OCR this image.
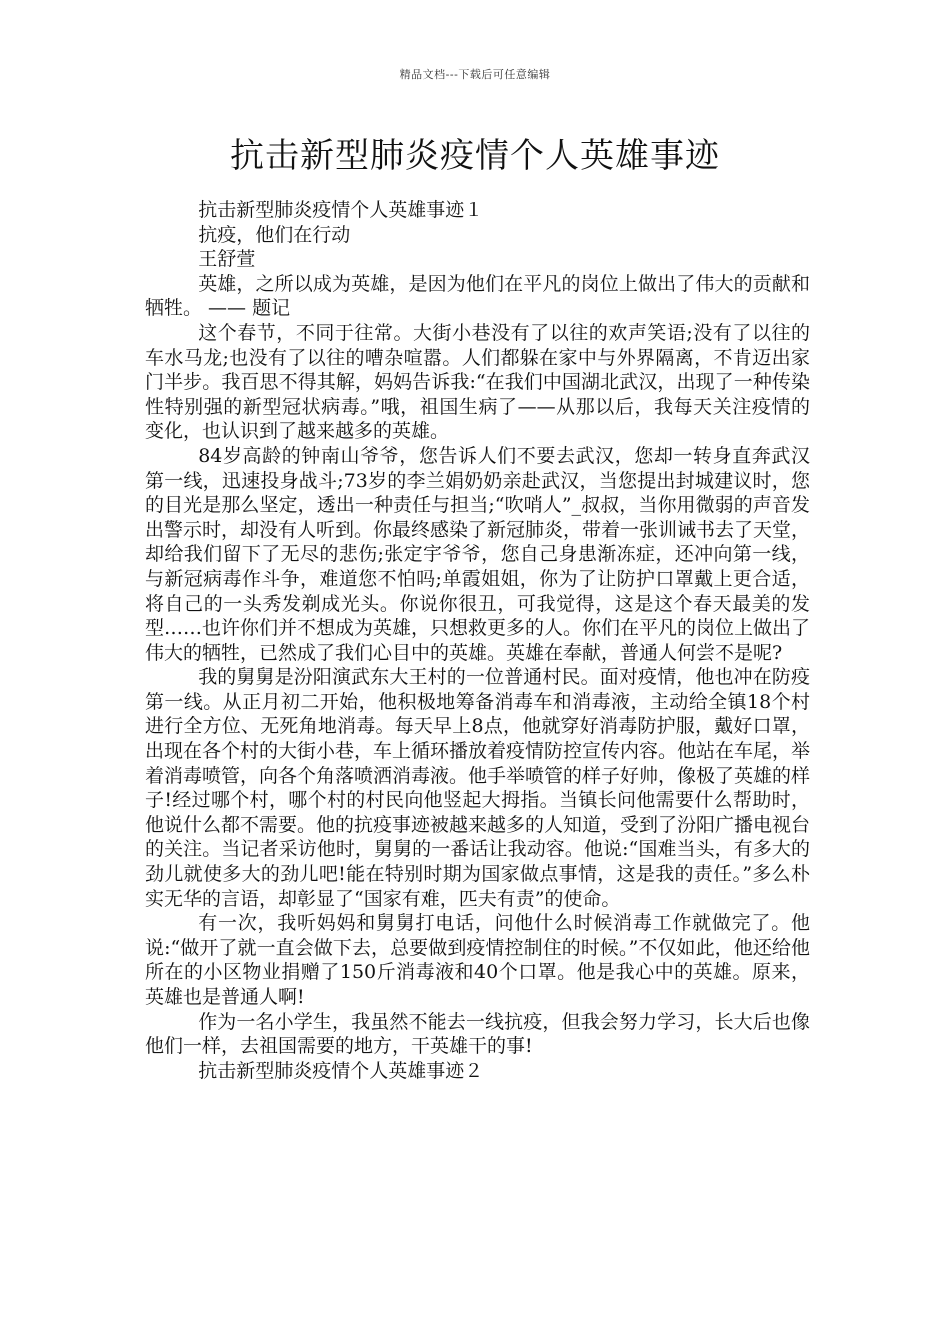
精品文档---下载后可任意编辑
抗击新型肺炎疫情个人英雄事迹

抗击新型肺炎疫情个人英雄事迹１

抗疫，他们在行动

王舒萱

英雄，之所以成为英雄，是因为他们在平凡的岗位上做出了伟大的贡献和牺牲。 —— 题记

这个春节，不同于往常。大街小巷没有了以往的欢声笑语;没有了以往的车水马龙;也没有了以往的嘈杂喧嚣。人们都躲在家中与外界隔离，不肯迈出家门半步。我百思不得其解，妈妈告诉我:“在我们中国湖北武汉，出现了一种传染性特别强的新型冠状病毒。”哦，祖国生病了——从那以后，我每天关注疫情的变化，也认识到了越来越多的英雄。

84岁高龄的钟南山爷爷，您告诉人们不要去武汉，您却一转身直奔武汉第一线，迅速投身战斗;73岁的李兰娟奶奶亲赴武汉，当您提出封城建议时，您的目光是那么坚定，透出一种责任与担当;“吹哨人”_叔叔，当你用微弱的声音发出警示时，却没有人听到。你最终感染了新冠肺炎，带着一张训诫书去了天堂，却给我们留下了无尽的悲伤;张定宇爷爷，您自己身患渐冻症，还冲向第一线，与新冠病毒作斗争，难道您不怕吗;单霞姐姐，你为了让防护口罩戴上更合适，将自己的一头秀发剃成光头。你说你很丑，可我觉得，这是这个春天最美的发型……也许你们并不想成为英雄，只想救更多的人。你们在平凡的岗位上做出了伟大的牺牲，已然成了我们心目中的英雄。英雄在奉献，普通人何尝不是呢?

我的舅舅是汾阳演武东大王村的一位普通村民。面对疫情，他也冲在防疫第一线。从正月初二开始，他积极地筹备消毒车和消毒液，主动给全镇18个村进行全方位、无死角地消毒。每天早上8点，他就穿好消毒防护服，戴好口罩，出现在各个村的大街小巷，车上循环播放着疫情防控宣传内容。他站在车尾，举着消毒喷管，向各个角落喷洒消毒液。他手举喷管的样子好帅，像极了英雄的样子!经过哪个村，哪个村的村民向他竖起大拇指。当镇长问他需要什么帮助时，他说什么都不需要。他的抗疫事迹被越来越多的人知道，受到了汾阳广播电视台的关注。当记者采访他时，舅舅的一番话让我动容。他说:“国难当头，有多大的劲儿就使多大的劲儿吧!能在特别时期为国家做点事情，这是我的责任。”多么朴实无华的言语，却彰显了“国家有难，匹夫有责”的使命。

有一次，我听妈妈和舅舅打电话，问他什么时候消毒工作就做完了。他说:“做开了就一直会做下去，总要做到疫情控制住的时候。”不仅如此，他还给他所在的小区物业捐赠了150斤消毒液和40个口罩。他是我心中的英雄。原来，英雄也是普通人啊!

作为一名小学生，我虽然不能去一线抗疫，但我会努力学习，长大后也像他们一样，去祖国需要的地方，干英雄干的事!

抗击新型肺炎疫情个人英雄事迹２
